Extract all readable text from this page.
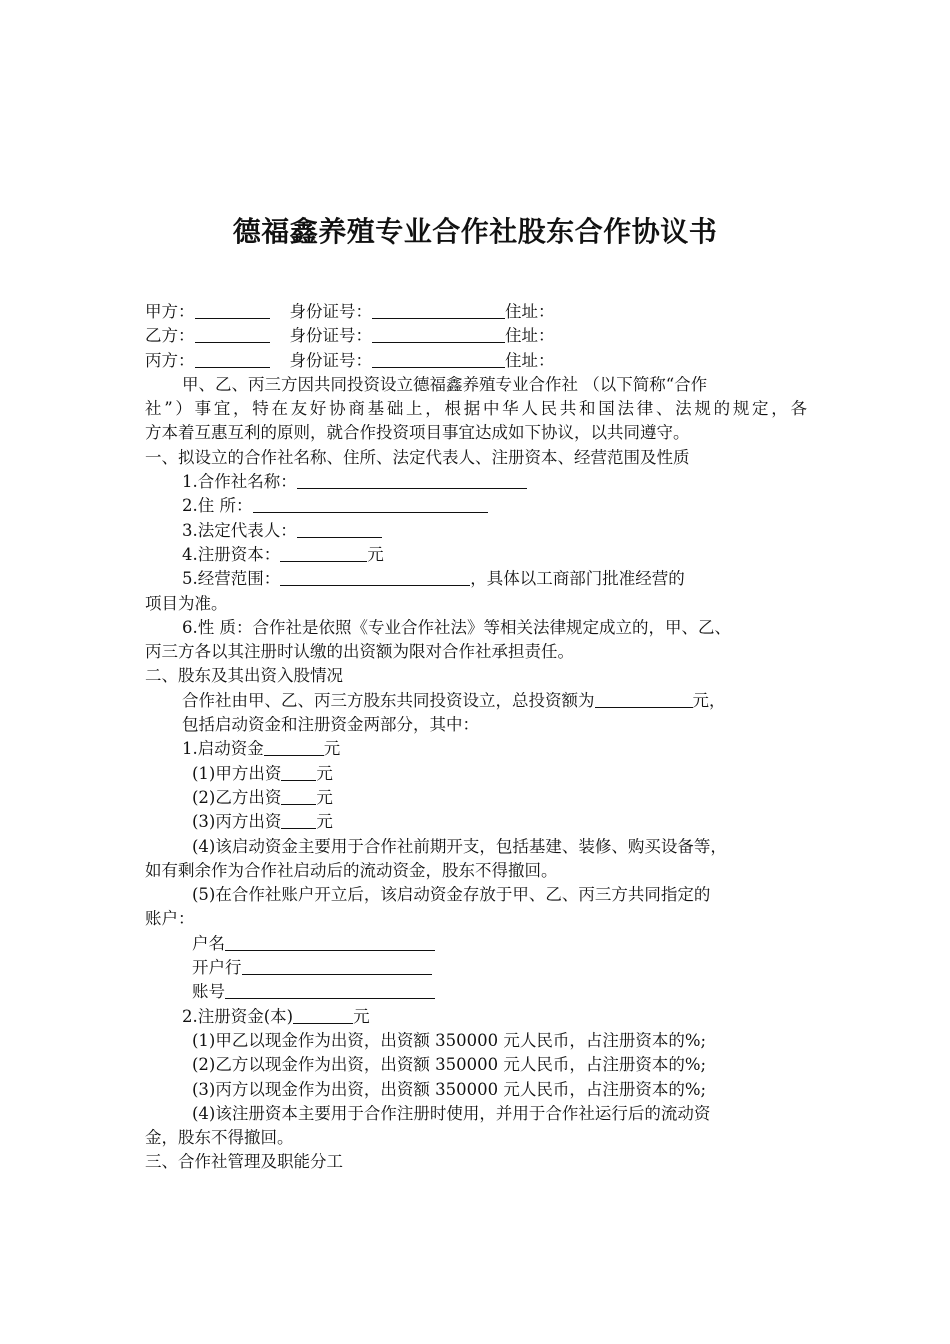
德福鑫养殖专业合作社股东合作协议书
甲方：	身份证号：	住址：
乙方：	身份证号：	住址：
丙方：	身份证号：	住址：
甲、乙、丙三方因共同投资设立德福鑫养殖专业合作社 （以下简称“合作
社”）事宜，特在友好协商基础上，根据中华人民共和国法律、法规的规定，各
方本着互惠互利的原则，就合作投资项目事宜达成如下协议，以共同遵守。
一、拟设立的合作社名称、住所、法定代表人、注册资本、经营范围及性质
1.合作社名称：
2.住 所：
3.法定代表人：
4.注册资本：	元
5.经营范围：	，具体以工商部门批准经营的
项目为准。
6.性 质：合作社是依照《专业合作社法》等相关法律规定成立的，甲、乙、
丙三方各以其注册时认缴的出资额为限对合作社承担责任。
二、股东及其出资入股情况
合作社由甲、乙、丙三方股东共同投资设立，总投资额为	元，
包括启动资金和注册资金两部分，其中：
1.启动资金	元
(1)甲方出资 元
(2)乙方出资 元
(3)丙方出资 元
(4)该启动资金主要用于合作社前期开支，包括基建、装修、购买设备等，
如有剩余作为合作社启动后的流动资金，股东不得撤回。
(5)在合作社账户开立后，该启动资金存放于甲、乙、丙三方共同指定的
账户：
户名
开户行
账号
2.注册资金(本)	元
(1)甲乙以现金作为出资，出资额 350000 元人民币，占注册资本的%;
(2)乙方以现金作为出资，出资额 350000 元人民币，占注册资本的%;
(3)丙方以现金作为出资，出资额 350000 元人民币，占注册资本的%;
(4)该注册资本主要用于合作注册时使用，并用于合作社运行后的流动资
金，股东不得撤回。
三、合作社管理及职能分工
